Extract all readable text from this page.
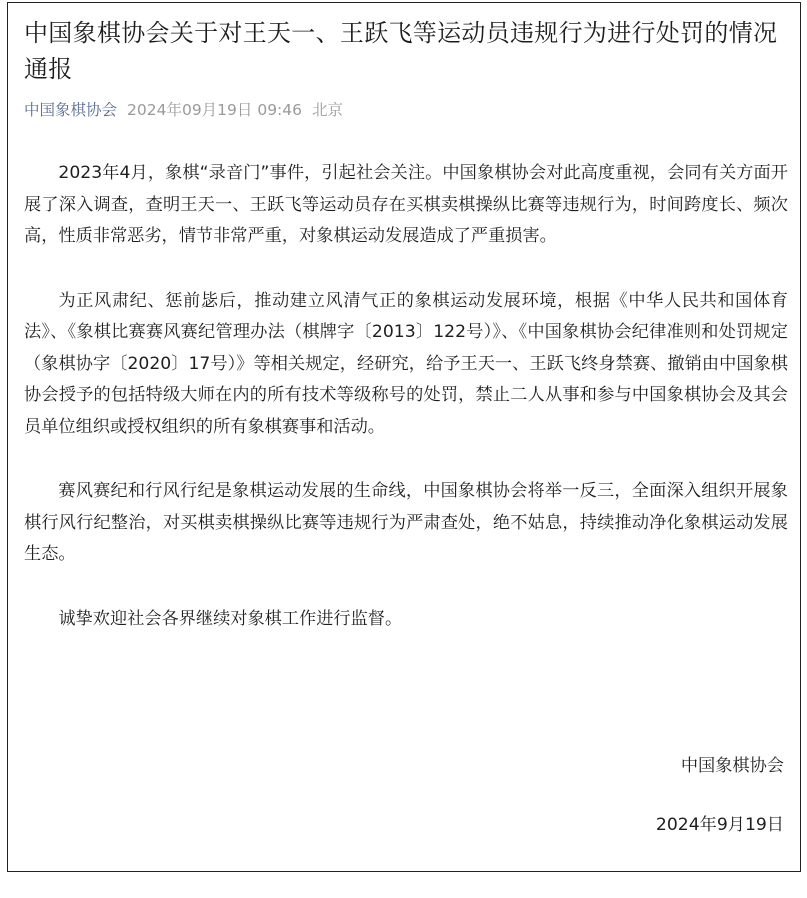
中国象棋协会关于对王天一、王跃飞等运动员违规行为进行处罚的情况通报
中国象棋协会 2024年09月19日 09:46 北京

2023年4月，象棋“录音门”事件，引起社会关注。中国象棋协会对此高度重视，会同有关方面开展了深入调查，查明王天一、王跃飞等运动员存在买棋卖棋操纵比赛等违规行为，时间跨度长、频次高，性质非常恶劣，情节非常严重，对象棋运动发展造成了严重损害。

为正风肃纪、惩前毖后，推动建立风清气正的象棋运动发展环境，根据《中华人民共和国体育法》、《象棋比赛赛风赛纪管理办法（棋牌字〔2013〕122号）》、《中国象棋协会纪律准则和处罚规定（象棋协字〔2020〕17号）》等相关规定，经研究，给予王天一、王跃飞终身禁赛、撤销由中国象棋协会授予的包括特级大师在内的所有技术等级称号的处罚，禁止二人从事和参与中国象棋协会及其会员单位组织或授权组织的所有象棋赛事和活动。

赛风赛纪和行风行纪是象棋运动发展的生命线，中国象棋协会将举一反三，全面深入组织开展象棋行风行纪整治，对买棋卖棋操纵比赛等违规行为严肃查处，绝不姑息，持续推动净化象棋运动发展生态。

诚挚欢迎社会各界继续对象棋工作进行监督。

中国象棋协会
2024年9月19日
